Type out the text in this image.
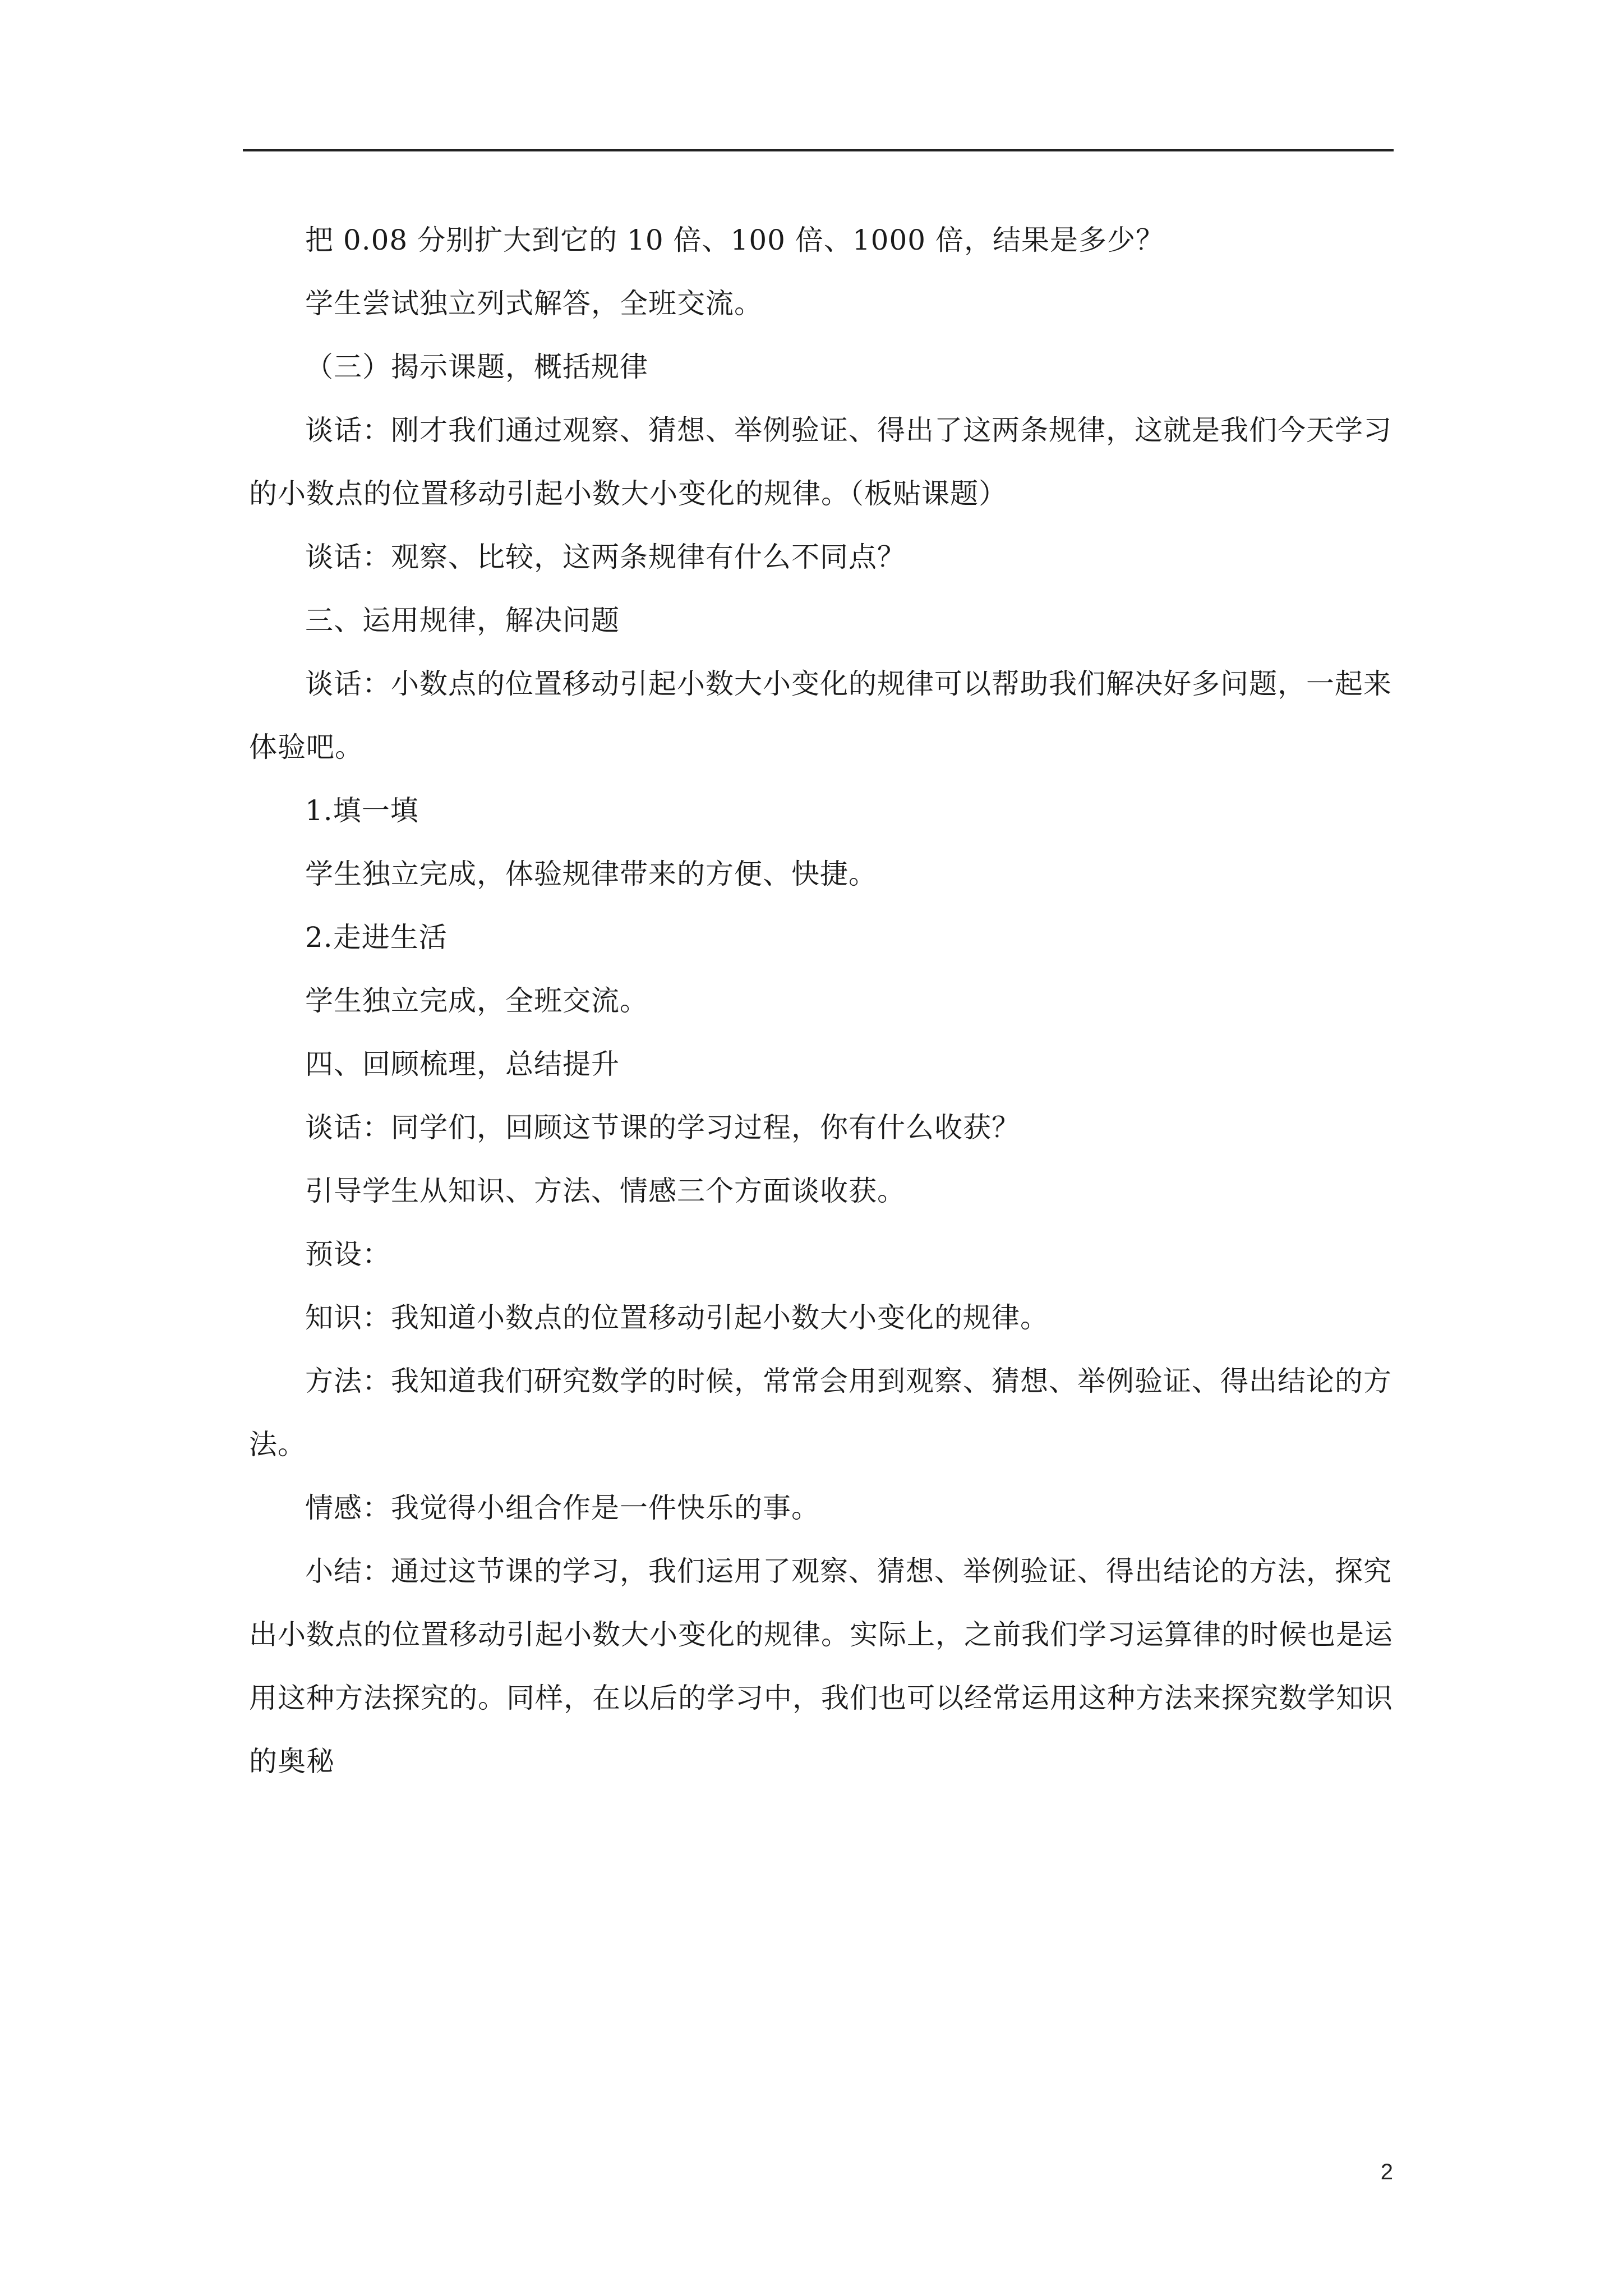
把 0.08 分别扩大到它的 10 倍、100 倍、1000 倍，结果是多少？

学生尝试独立列式解答，全班交流。

（三）揭示课题，概括规律

谈话：刚才我们通过观察、猜想、举例验证、得出了这两条规律，这就是我们今天学习的小数点的位置移动引起小数大小变化的规律。（板贴课题）

谈话：观察、比较，这两条规律有什么不同点？

三、运用规律，解决问题

谈话：小数点的位置移动引起小数大小变化的规律可以帮助我们解决好多问题，一起来体验吧。

1.填一填

学生独立完成，体验规律带来的方便、快捷。

2.走进生活

学生独立完成，全班交流。

四、回顾梳理，总结提升

谈话：同学们，回顾这节课的学习过程，你有什么收获？

引导学生从知识、方法、情感三个方面谈收获。

预设：

知识：我知道小数点的位置移动引起小数大小变化的规律。

方法：我知道我们研究数学的时候，常常会用到观察、猜想、举例验证、得出结论的方法。

情感：我觉得小组合作是一件快乐的事。

小结：通过这节课的学习，我们运用了观察、猜想、举例验证、得出结论的方法，探究出小数点的位置移动引起小数大小变化的规律。实际上，之前我们学习运算律的时候也是运用这种方法探究的。同样，在以后的学习中，我们也可以经常运用这种方法来探究数学知识的奥秘

2
